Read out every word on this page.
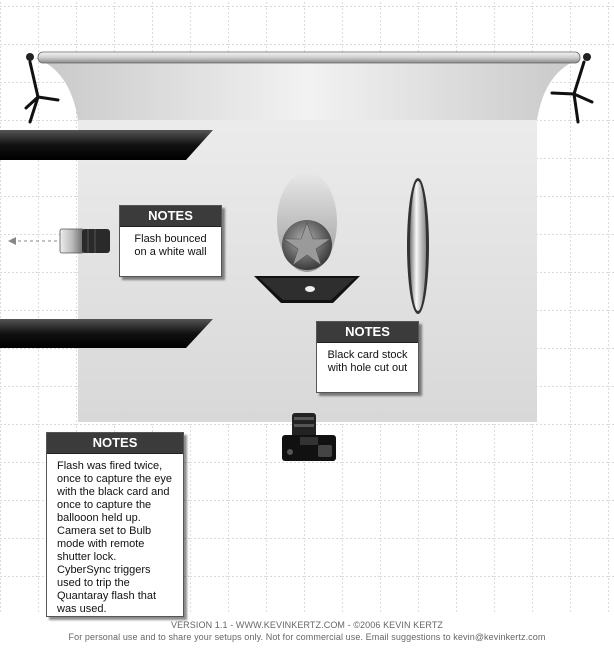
NOTES
Flash bounced on a white wall
NOTES
Black card stock with hole cut out
NOTES
Flash was fired twice, once to capture the eye with the black card and once to capture the ballooon held up. Camera set to Bulb mode with remote shutter lock. CyberSync triggers used to trip the Quantaray flash that was used.
VERSION 1.1 - WWW.KEVINKERTZ.COM - ©2006 KEVIN KERTZ
For personal use and to share your setups only. Not for commercial use. Email suggestions to kevin@kevinkertz.com
